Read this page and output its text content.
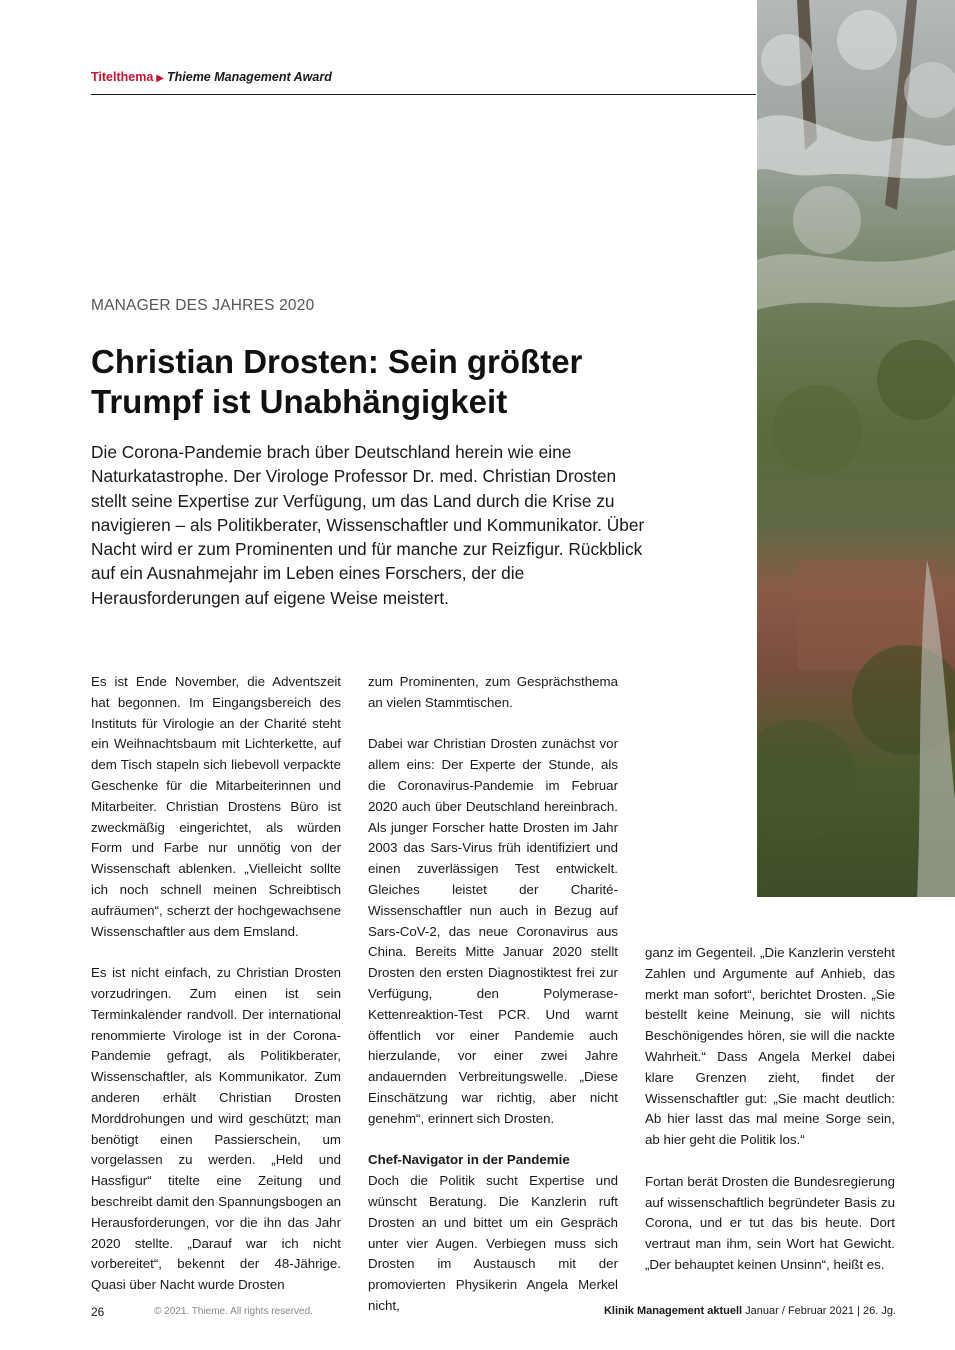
Titelthema ▶ Thieme Management Award
MANAGER DES JAHRES 2020
Christian Drosten: Sein größter
Trumpf ist Unabhängigkeit

Die Corona-Pandemie brach über Deutschland herein wie eine Naturkatastrophe. Der Virologe Professor Dr. med. Christian Drosten stellt seine Expertise zur Verfügung, um das Land durch die Krise zu navigieren – als Politikberater, Wissenschaftler und Kommunikator. Über Nacht wird er zum Prominenten und für manche zur Reizfigur. Rückblick auf ein Ausnahmejahr im Leben eines Forschers, der die Herausforderungen auf eigene Weise meistert.

Es ist Ende November, die Adventszeit hat begonnen. Im Eingangsbereich des Instituts für Virologie an der Charité steht ein Weihnachtsbaum mit Lichterkette, auf dem Tisch stapeln sich liebevoll verpackte Geschenke für die Mitarbeiterinnen und Mitarbeiter. Christian Drostens Büro ist zweckmäßig eingerichtet, als würden Form und Farbe nur unnötig von der Wissenschaft ablenken. „Vielleicht sollte ich noch schnell meinen Schreibtisch aufräumen“, scherzt der hochgewachsene Wissenschaftler aus dem Emsland.

Es ist nicht einfach, zu Christian Drosten vorzudringen. Zum einen ist sein Terminkalender randvoll. Der international renommierte Virologe ist in der Corona-Pandemie gefragt, als Politikberater, Wissenschaftler, als Kommunikator. Zum anderen erhält Christian Drosten Morddrohungen und wird geschützt; man benötigt einen Passierschein, um vorgelassen zu werden. „Held und Hassfigur“ titelte eine Zeitung und beschreibt damit den Spannungsbogen an Herausforderungen, vor die ihn das Jahr 2020 stellte. „Darauf war ich nicht vorbereitet“, bekennt der 48-Jährige. Quasi über Nacht wurde Drosten

zum Prominenten, zum Gesprächsthema an vielen Stammtischen.

Dabei war Christian Drosten zunächst vor allem eins: Der Experte der Stunde, als die Coronavirus-Pandemie im Februar 2020 auch über Deutschland hereinbrach. Als junger Forscher hatte Drosten im Jahr 2003 das Sars-Virus früh identifiziert und einen zuverlässigen Test entwickelt. Gleiches leistet der Charité-Wissenschaftler nun auch in Bezug auf Sars-CoV-2, das neue Coronavirus aus China. Bereits Mitte Januar 2020 stellt Drosten den ersten Diagnostiktest frei zur Verfügung, den Polymerase-Kettenreaktion-Test PCR. Und warnt öffentlich vor einer Pandemie auch hierzulande, vor einer zwei Jahre andauernden Verbreitungswelle. „Diese Einschätzung war richtig, aber nicht genehm“, erinnert sich Drosten.

Chef-Navigator in der Pandemie

Doch die Politik sucht Expertise und wünscht Beratung. Die Kanzlerin ruft Drosten an und bittet um ein Gespräch unter vier Augen. Verbiegen muss sich Drosten im Austausch mit der promovierten Physikerin Angela Merkel nicht,

ganz im Gegenteil. „Die Kanzlerin versteht Zahlen und Argumente auf Anhieb, das merkt man sofort“, berichtet Drosten. „Sie bestellt keine Meinung, sie will nichts Beschönigendes hören, sie will die nackte Wahrheit.“ Dass Angela Merkel dabei klare Grenzen zieht, findet der Wissenschaftler gut: „Sie macht deutlich: Ab hier lasst das mal meine Sorge sein, ab hier geht die Politik los.“

Fortan berät Drosten die Bundesregierung auf wissenschaftlich begründeter Basis zu Corona, und er tut das bis heute. Dort vertraut man ihm, sein Wort hat Gewicht. „Der behauptet keinen Unsinn“, heißt es.

26	© 2021. Thieme. All rights reserved.	Klinik Management aktuell Januar / Februar 2021 | 26. Jg.
